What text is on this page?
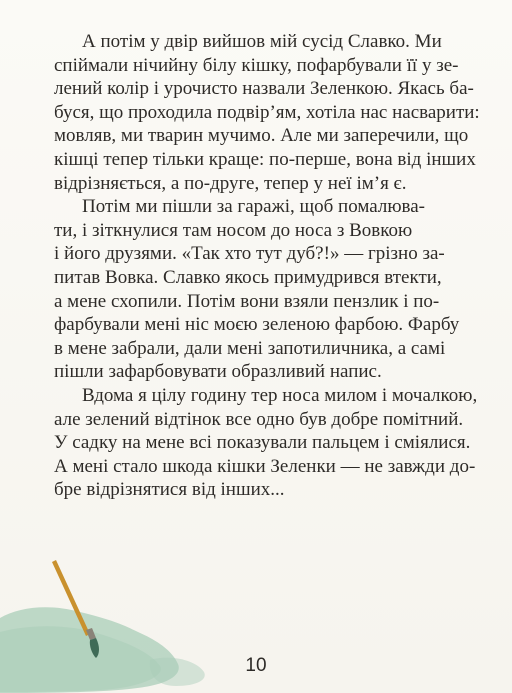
А потім у двір вийшов мій сусід Славко. Ми
спіймали нічийну білу кішку, пофарбували її у зе-
лений колір і урочисто назвали Зеленкою. Якась ба-
буся, що проходила подвір’ям, хотіла нас насварити:
мовляв, ми тварин мучимо. Але ми заперечили, що
кішці тепер тільки краще: по-перше, вона від інших
відрізняється, а по-друге, тепер у неї ім’я є.

Потім ми пішли за гаражі, щоб помалюва-
ти, і зіткнулися там носом до носа з Вовкою
і його друзями. «Так хто тут дуб?!» — грізно за-
питав Вовка. Славко якось примудрився втекти,
а мене схопили. Потім вони взяли пензлик і по-
фарбували мені ніс моєю зеленою фарбою. Фарбу
в мене забрали, дали мені запотиличника, а самі
пішли зафарбовувати образливий напис.

Вдома я цілу годину тер носа милом і мочалкою,
але зелений відтінок все одно був добре помітний.
У садку на мене всі показували пальцем і сміялися.
А мені стало шкода кішки Зеленки — не завжди до-
бре відрізнятися від інших...

10
